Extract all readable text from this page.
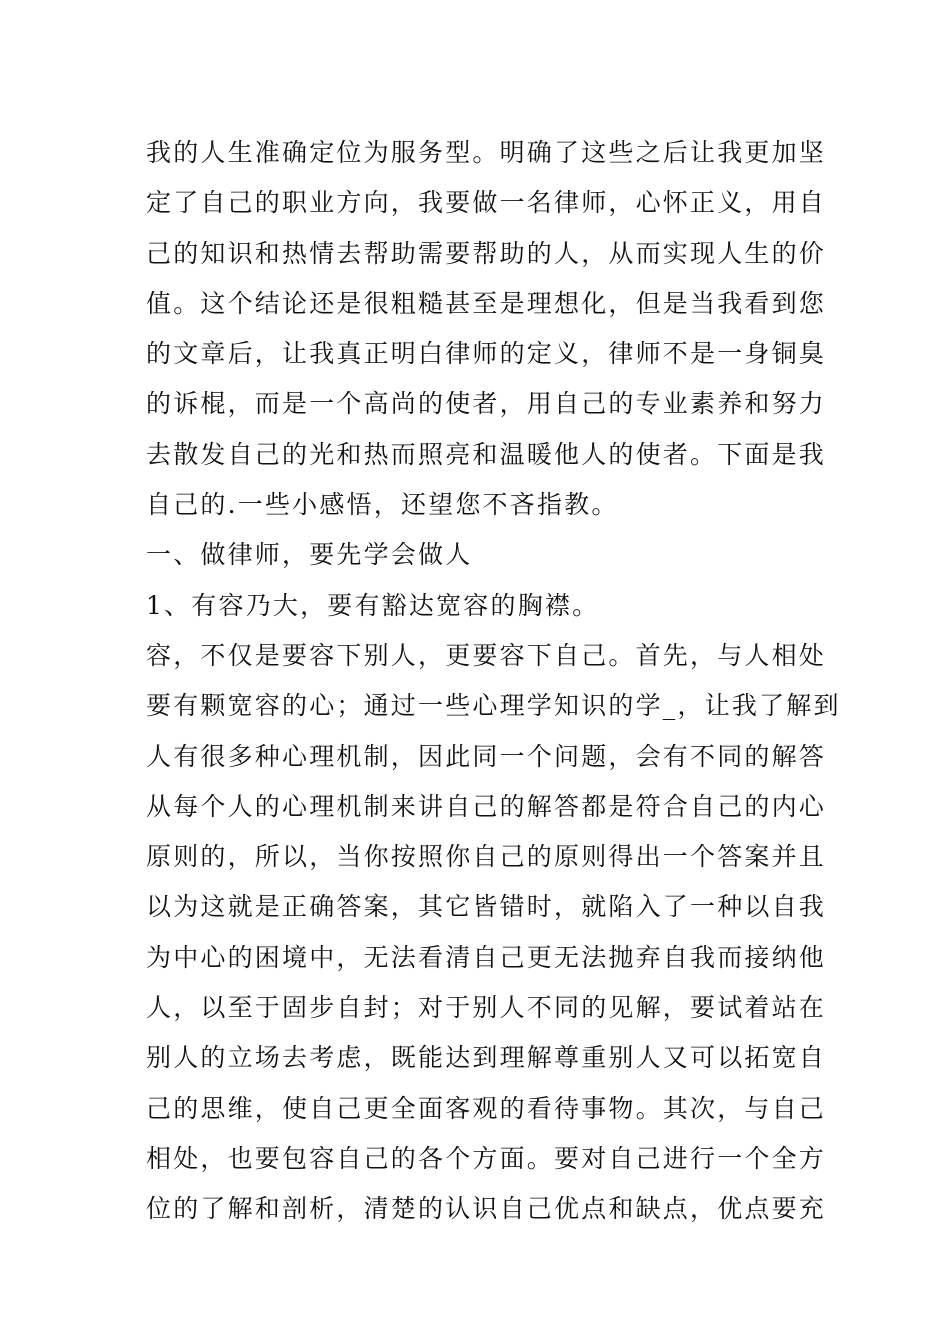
我的人生准确定位为服务型。明确了这些之后让我更加坚
定了自己的职业方向，我要做一名律师，心怀正义，用自
己的知识和热情去帮助需要帮助的人，从而实现人生的价
值。这个结论还是很粗糙甚至是理想化，但是当我看到您
的文章后，让我真正明白律师的定义，律师不是一身铜臭
的诉棍，而是一个高尚的使者，用自己的专业素养和努力
去散发自己的光和热而照亮和温暖他人的使者。下面是我
自己的.一些小感悟，还望您不吝指教。
一、做律师，要先学会做人
1、有容乃大，要有豁达宽容的胸襟。
容，不仅是要容下别人，更要容下自己。首先，与人相处
要有颗宽容的心；通过一些心理学知识的学_，让我了解到
人有很多种心理机制，因此同一个问题，会有不同的解答
从每个人的心理机制来讲自己的解答都是符合自己的内心
原则的，所以，当你按照你自己的原则得出一个答案并且
以为这就是正确答案，其它皆错时，就陷入了一种以自我
为中心的困境中，无法看清自己更无法抛弃自我而接纳他
人，以至于固步自封；对于别人不同的见解，要试着站在
别人的立场去考虑，既能达到理解尊重别人又可以拓宽自
己的思维，使自己更全面客观的看待事物。其次，与自己
相处，也要包容自己的各个方面。要对自己进行一个全方
位的了解和剖析，清楚的认识自己优点和缺点，优点要充
